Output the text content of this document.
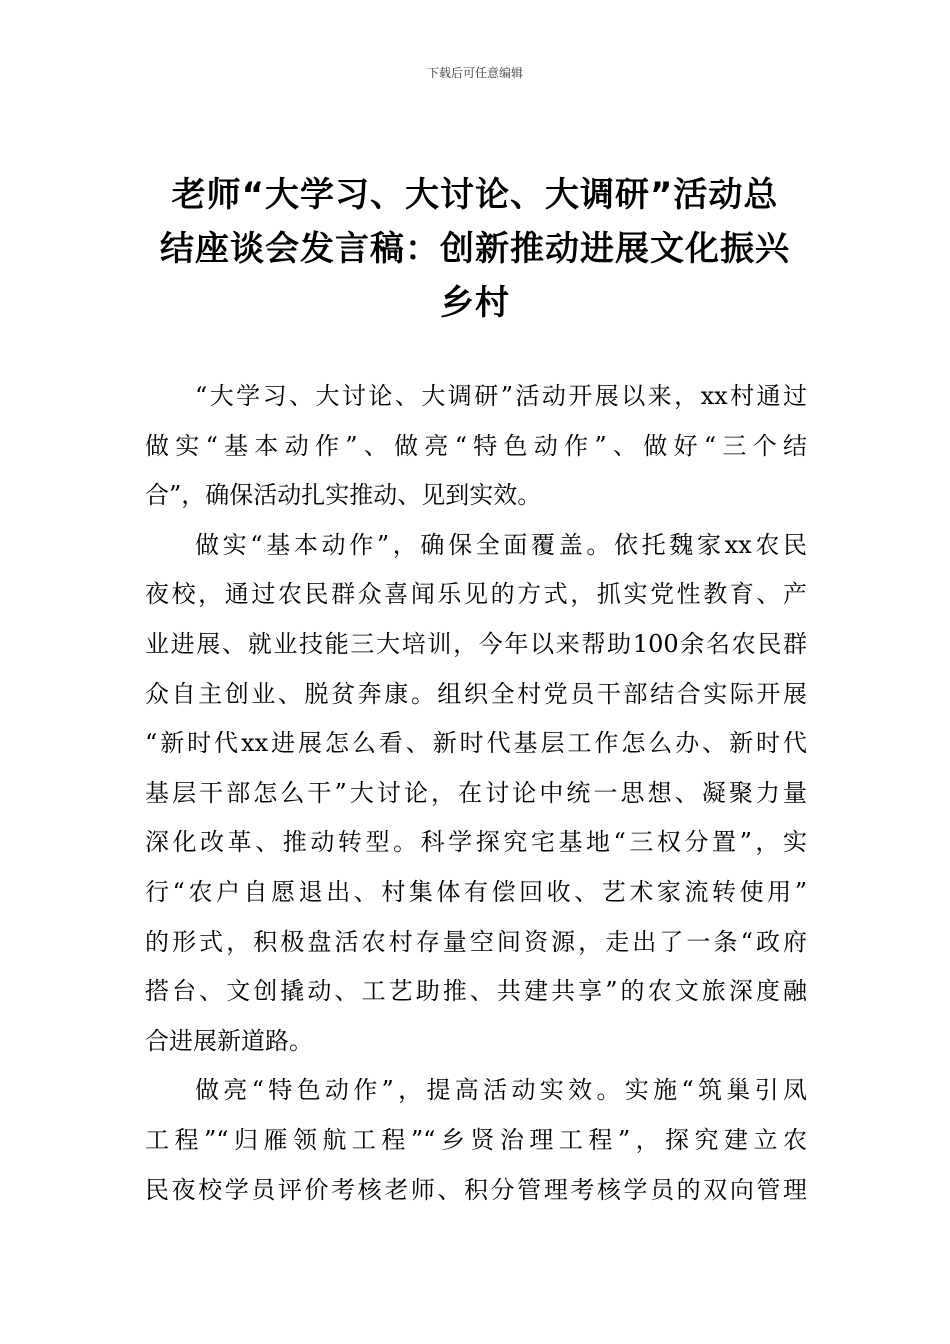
下载后可任意编辑
老师“大学习、大讨论、大调研”活动总
结座谈会发言稿：创新推动进展文化振兴
乡村
“大学习、大讨论、大调研”活动开展以来，xx村通过
做实“基本动作”、做亮“特色动作”、做好“三个结
合”，确保活动扎实推动、见到实效。
做实“基本动作”，确保全面覆盖。依托魏家xx农民
夜校，通过农民群众喜闻乐见的方式，抓实党性教育、产
业进展、就业技能三大培训，今年以来帮助100余名农民群
众自主创业、脱贫奔康。组织全村党员干部结合实际开展
“新时代xx进展怎么看、新时代基层工作怎么办、新时代
基层干部怎么干”大讨论，在讨论中统一思想、凝聚力量
深化改革、推动转型。科学探究宅基地“三权分置”，实
行“农户自愿退出、村集体有偿回收、艺术家流转使用”
的形式，积极盘活农村存量空间资源，走出了一条“政府
搭台、文创撬动、工艺助推、共建共享”的农文旅深度融
合进展新道路。
做亮“特色动作”，提高活动实效。实施“筑巢引凤
工程”“归雁领航工程”“乡贤治理工程”，探究建立农
民夜校学员评价考核老师、积分管理考核学员的双向管理
